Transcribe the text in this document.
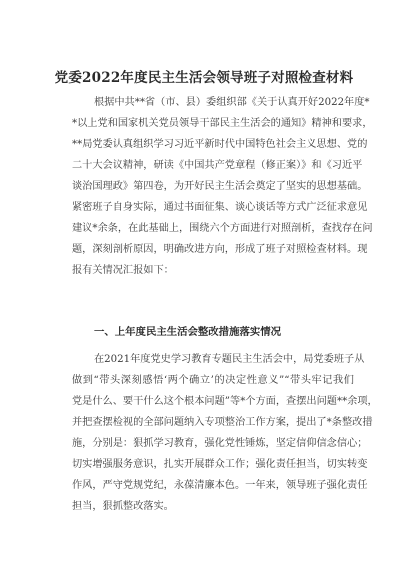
党委2022年度民主生活会领导班子对照检查材料
根据中共**省（市、县）委组织部《关于认真开好2022年度*
*以上党和国家机关党员领导干部民主生活会的通知》精神和要求，
**局党委认真组织学习习近平新时代中国特色社会主义思想、党的
二十大会议精神，研读《中国共产党章程（修正案）》和《习近平
谈治国理政》第四卷，为开好民主生活会奠定了坚实的思想基础。
紧密班子自身实际，通过书面征集、谈心谈话等方式广泛征求意见
建议*余条，在此基础上，围绕六个方面进行对照剖析，查找存在问
题，深刻剖析原因，明确改进方向，形成了班子对照检查材料。现
报有关情况汇报如下：
一、上年度民主生活会整改措施落实情况
在2021年度党史学习教育专题民主生活会中，局党委班子从
做到“带头深刻感悟‘两个确立’的决定性意义”“带头牢记我们
党是什么、要干什么这个根本问题”等*个方面，查摆出问题**余项，
并把查摆检视的全部问题纳入专项整治工作方案，提出了*条整改措
施，分别是：狠抓学习教育，强化党性锤炼，坚定信仰信念信心；
切实增强服务意识，扎实开展群众工作；强化责任担当，切实转变
作风，严守党规党纪，永葆清廉本色。一年来，领导班子强化责任
担当，狠抓整改落实。
